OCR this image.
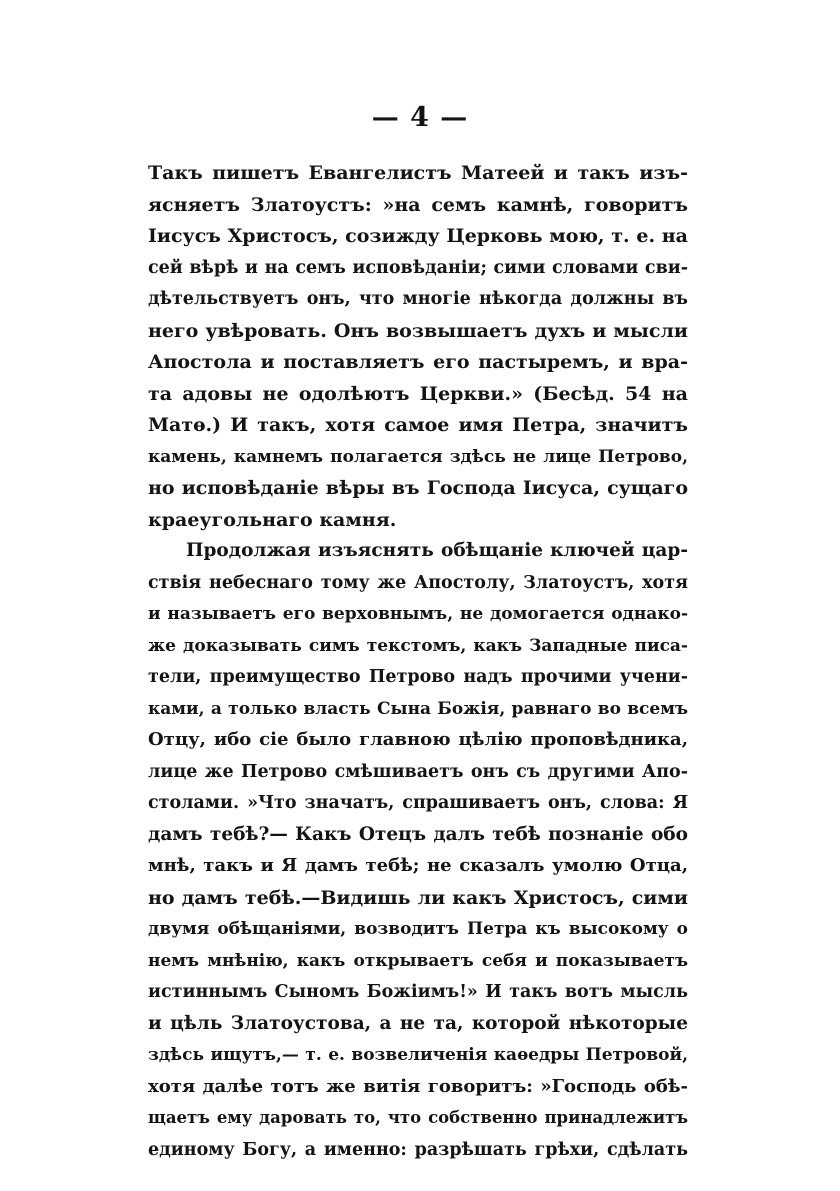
— 4 —
Такъ пишетъ Евангелистъ Матеей и такъ изъ-
ясняетъ Златоустъ: »на семъ камнѣ, говоритъ
Іисусъ Христосъ, созижду Церковь мою, т. е. на
сей вѣрѣ и на семъ исповѣданіи; сими словами сви-
дѣтельствуетъ онъ, что многіе нѣкогда должны въ
него увѣровать. Онъ возвышаетъ духъ и мысли
Апостола и поставляетъ его пастыремъ, и вра-
та адовы не одолѣютъ Церкви.» (Бесѣд. 54 на
Матѳ.) И такъ, хотя самое имя Петра, значитъ
камень, камнемъ полагается здѣсь не лице Петрово,
но исповѣданіе вѣры въ Господа Іисуса, сущаго
краеугольнаго камня.
Продолжая изъяснять обѣщаніе ключей цар-
ствія небеснаго тому же Апостолу, Златоустъ, хотя
и называетъ его верховнымъ, не домогается однако-
же доказывать симъ текстомъ, какъ Западные писа-
тели, преимущество Петрово надъ прочими учени-
ками, а только власть Сына Божія, равнаго во всемъ
Отцу, ибо сіе было главною цѣлію проповѣдника,
лице же Петрово смѣшиваетъ онъ съ другими Апо-
столами. »Что значатъ, спрашиваетъ онъ, слова: Я
дамъ тебѣ?— Какъ Отецъ далъ тебѣ познаніе обо
мнѣ, такъ и Я дамъ тебѣ; не сказалъ умолю Отца,
но дамъ тебѣ.—Видишь ли какъ Христосъ, сими
двумя обѣщаніями, возводитъ Петра къ высокому о
немъ мнѣнію, какъ открываетъ себя и показываетъ
истиннымъ Сыномъ Божіимъ!» И такъ вотъ мысль
и цѣль Златоустова, а не та, которой нѣкоторые
здѣсь ищутъ,— т. е. возвеличенія каѳедры Петровой,
хотя далѣе тотъ же витія говоритъ: »Господь обѣ-
щаетъ ему даровать то, что собственно принадлежитъ
единому Богу, а именно: разрѣшать грѣхи, сдѣлать
